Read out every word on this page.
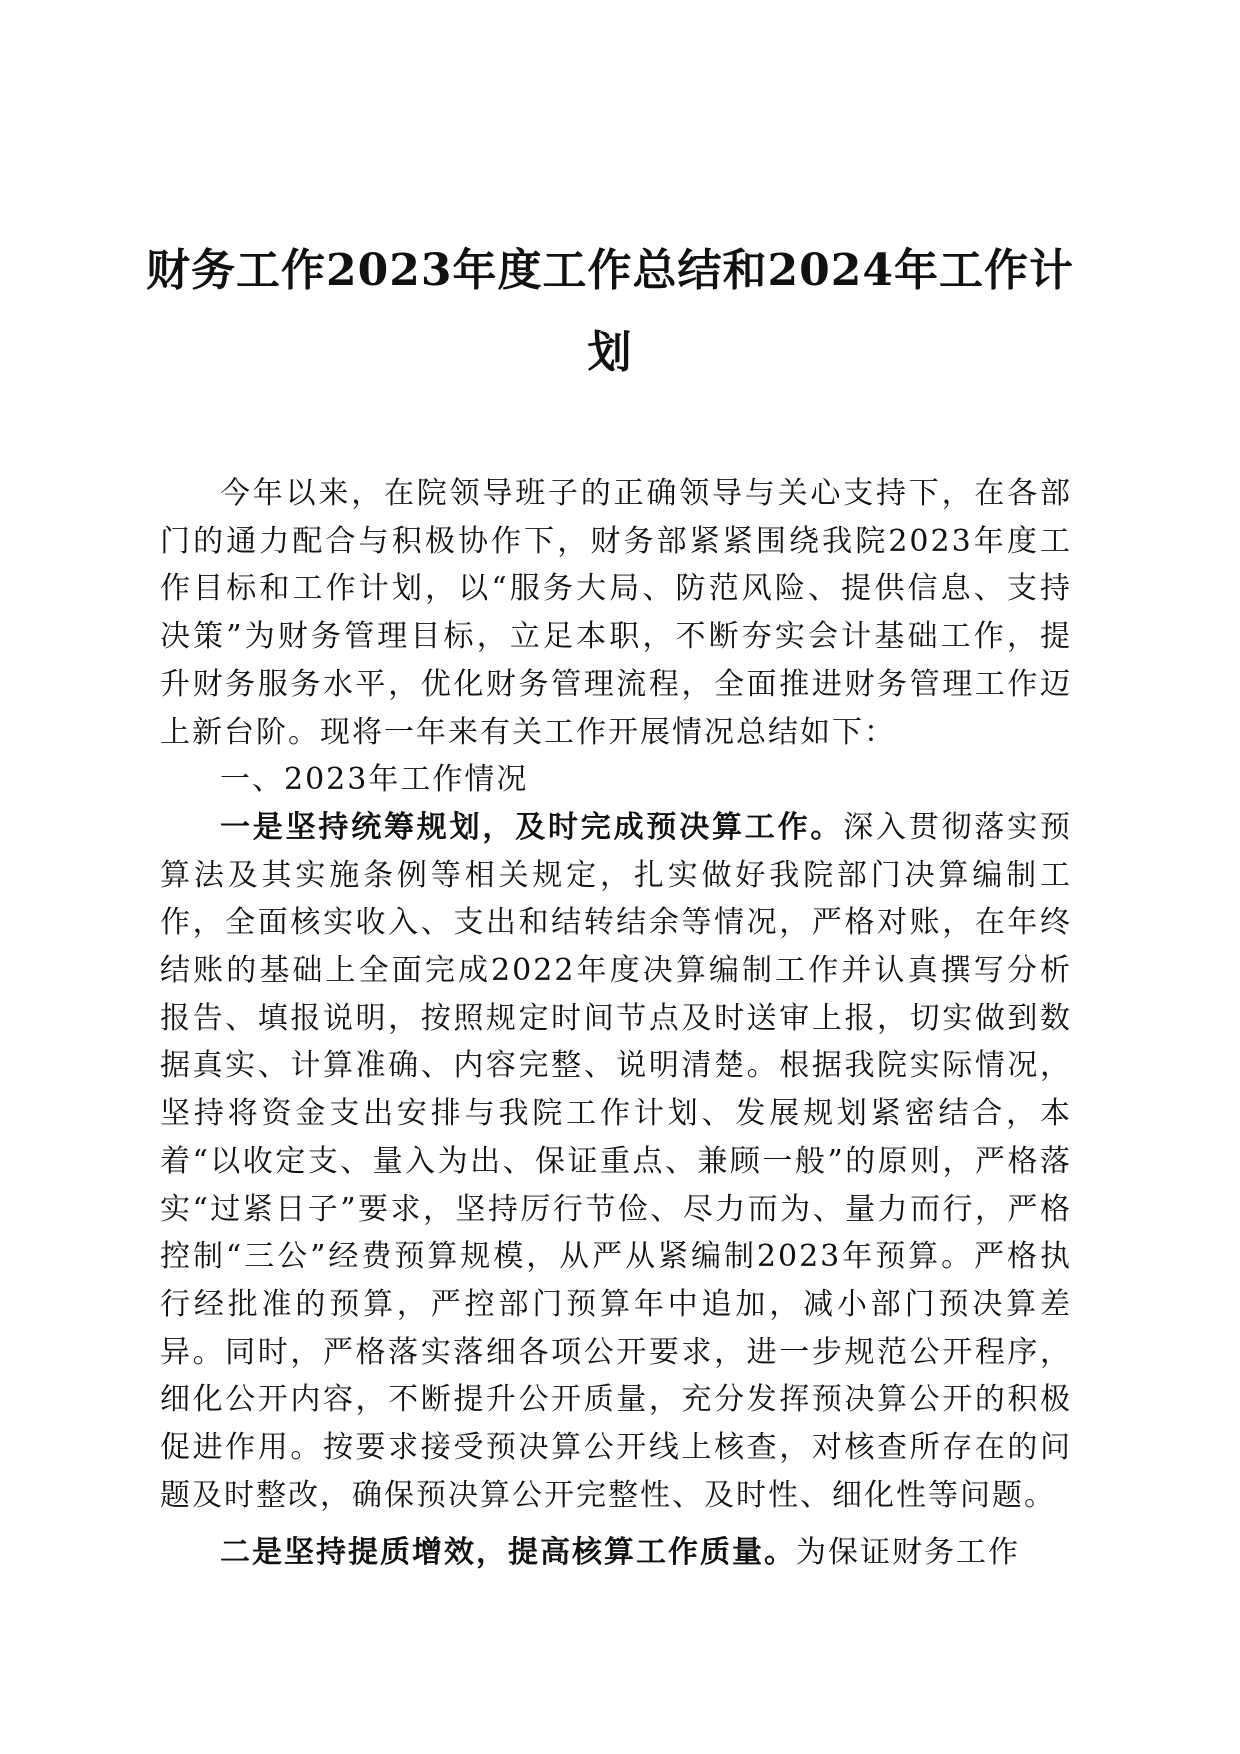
财务工作2023年度工作总结和2024年工作计划

今年以来，在院领导班子的正确领导与关心支持下，在各部门的通力配合与积极协作下，财务部紧紧围绕我院2023年度工作目标和工作计划，以“服务大局、防范风险、提供信息、支持决策”为财务管理目标，立足本职，不断夯实会计基础工作，提升财务服务水平，优化财务管理流程，全面推进财务管理工作迈上新台阶。现将一年来有关工作开展情况总结如下：

一、2023年工作情况

一是坚持统筹规划，及时完成预决算工作。深入贯彻落实预算法及其实施条例等相关规定，扎实做好我院部门决算编制工作，全面核实收入、支出和结转结余等情况，严格对账，在年终结账的基础上全面完成2022年度决算编制工作并认真撰写分析报告、填报说明，按照规定时间节点及时送审上报，切实做到数据真实、计算准确、内容完整、说明清楚。根据我院实际情况，坚持将资金支出安排与我院工作计划、发展规划紧密结合，本着“以收定支、量入为出、保证重点、兼顾一般”的原则，严格落实“过紧日子”要求，坚持厉行节俭、尽力而为、量力而行，严格控制“三公”经费预算规模，从严从紧编制2023年预算。严格执行经批准的预算，严控部门预算年中追加，减小部门预决算差异。同时，严格落实落细各项公开要求，进一步规范公开程序，细化公开内容，不断提升公开质量，充分发挥预决算公开的积极促进作用。按要求接受预决算公开线上核查，对核查所存在的问题及时整改，确保预决算公开完整性、及时性、细化性等问题。

二是坚持提质增效，提高核算工作质量。为保证财务工作
